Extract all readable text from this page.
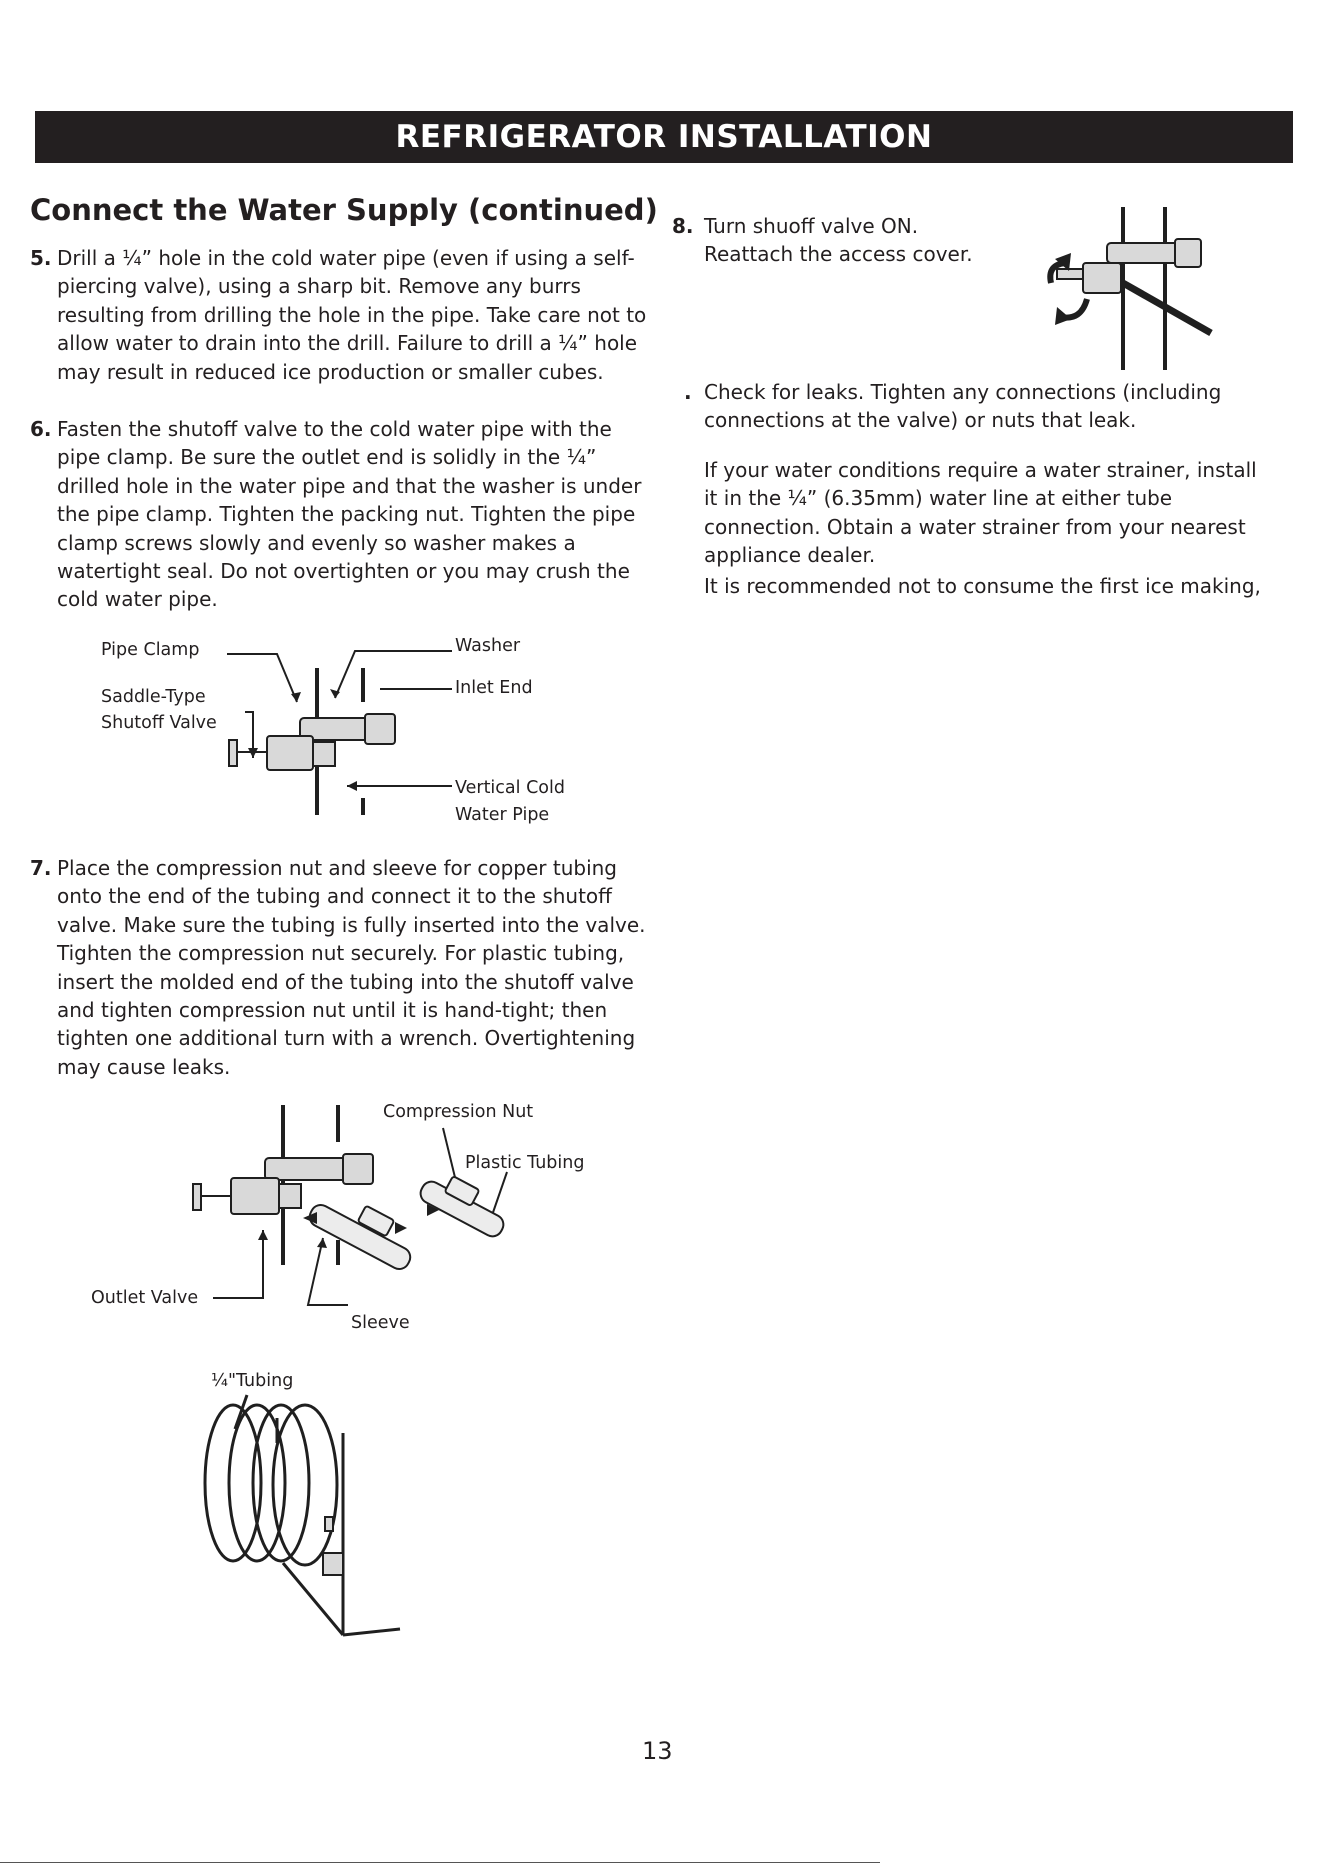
REFRIGERATOR INSTALLATION
Connect the Water Supply (continued)
5. Drill a ¼” hole in the cold water pipe (even if using a self-
piercing valve), using a sharp bit. Remove any burrs
resulting from drilling the hole in the pipe. Take care not to
allow water to drain into the drill. Failure to drill a ¼” hole
may result in reduced ice production or smaller cubes.
6. Fasten the shutoff valve to the cold water pipe with the
pipe clamp. Be sure the outlet end is solidly in the ¼”
drilled hole in the water pipe and that the washer is under
the pipe clamp. Tighten the packing nut. Tighten the pipe
clamp screws slowly and evenly so washer makes a
watertight seal. Do not overtighten or you may crush the
cold water pipe.
Pipe Clamp
Saddle-Type
Shutoff Valve
Washer
Inlet End
Vertical Cold
Water Pipe
7. Place the compression nut and sleeve for copper tubing
onto the end of the tubing and connect it to the shutoff
valve. Make sure the tubing is fully inserted into the valve.
Tighten the compression nut securely. For plastic tubing,
insert the molded end of the tubing into the shutoff valve
and tighten compression nut until it is hand-tight; then
tighten one additional turn with a wrench. Overtightening
may cause leaks.
Compression Nut
Plastic Tubing
Outlet Valve
Sleeve
¼"Tubing
8. Turn shuoff valve ON.
Reattach the access cover.
. Check for leaks. Tighten any connections (including
connections at the valve) or nuts that leak.
If your water conditions require a water strainer, install
it in the ¼” (6.35mm) water line at either tube
connection. Obtain a water strainer from your nearest
appliance dealer.
It is recommended not to consume the first ice making,
13
